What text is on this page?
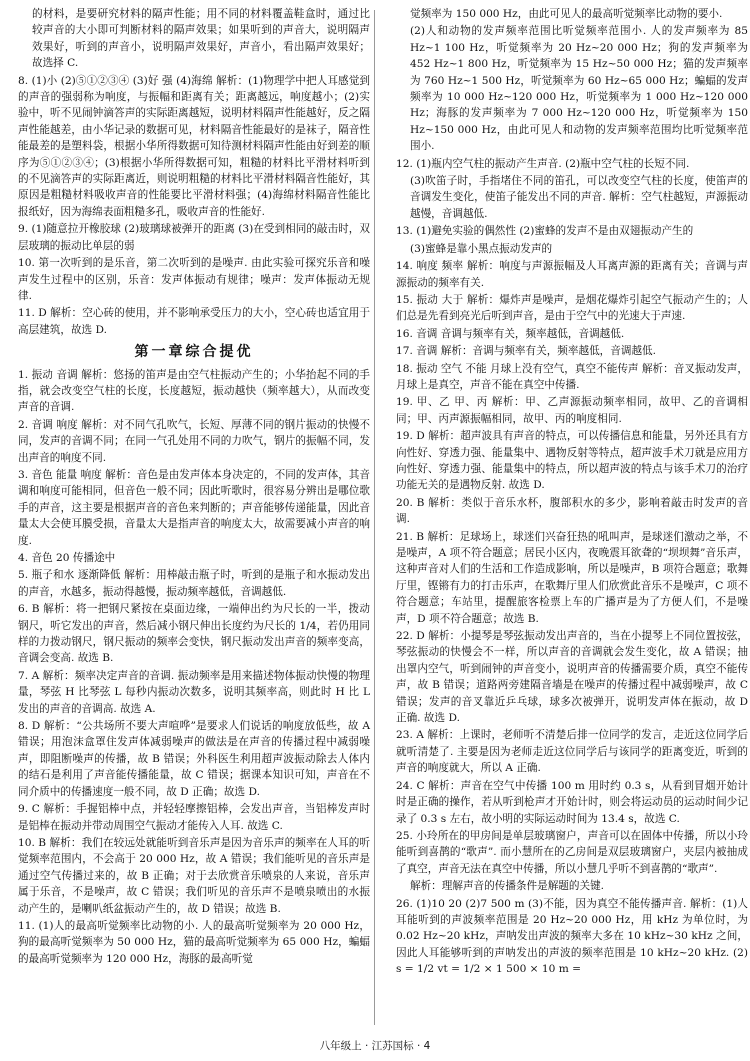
的材料，是要研究材料的隔声性能；用不同的材料覆盖鞋盒时，通过比较声音的大小即可判断材料的隔声效果；如果听到的声音大，说明隔声效果好，听到的声音小，说明隔声效果好，声音小，看出隔声效果好；故选择 C.

8. (1)小 (2)⑤①②③④ (3)好 强 (4)海绵 解析：(1)物理学中把人耳感觉到的声音的强弱称为响度，与振幅和距离有关；距离越远，响度越小；(2)实验中，听不见闹钟滴答声的实际距离越短，说明材料隔声性能越好，反之隔声性能越差，由小华记录的数据可见，材料隔音性能最好的是袜子，隔音性能最差的是塑料袋，根据小华所得数据可知待测材料隔声性能由好到差的顺序为⑤①②③④；(3)根据小华所得数据可知，粗糙的材料比平滑材料听到的不见滴答声的实际距离近，则说明粗糙的材料比平滑材料隔音性能好，其原因是粗糙材料吸收声音的性能要比平滑材料强；(4)海绵材料隔音性能比报纸好，因为海绵表面粗糙多孔，吸收声音的性能好.

9. (1)随意拉开橡胶球 (2)玻璃球被弹开的距离 (3)在受到相同的敲击时，双层玻璃的振动比单层的弱

10. 第一次听到的是乐音，第二次听到的是噪声. 由此实验可探究乐音和噪声发生过程中的区别，乐音：发声体振动有规律；噪声：发声体振动无规律.

11. D 解析：空心砖的使用，并不影响承受压力的大小，空心砖也适宜用于高层建筑，故选 D.

第一章综合提优

1. 振动 音调 解析：悠扬的笛声是由空气柱振动产生的；小华抬起不同的手指，就会改变空气柱的长度，长度越短，振动越快（频率越大），从而改变声音的音调.

2. 音调 响度 解析：对不同气孔吹气，长短、厚薄不同的钢片振动的快慢不同，发声的音调不同；在同一气孔处用不同的力吹气，钢片的振幅不同，发出声音的响度不同.

3. 音色 能量 响度 解析：音色是由发声体本身决定的，不同的发声体，其音调和响度可能相同，但音色一般不同；因此听歌时，很容易分辨出是哪位歌手的声音，这主要是根据声音的音色来判断的；声音能够传递能量，因此音量太大会使耳膜受损，音量太大是指声音的响度太大，故需要减小声音的响度.

4. 音色 20 传播途中

5. 瓶子和水 逐渐降低 解析：用棒敲击瓶子时，听到的是瓶子和水振动发出的声音，水越多，振动得越慢，振动频率越低，音调越低.

6. B 解析：将一把钢尺紧按在桌面边缘，一端伸出约为尺长的一半，拨动钢尺，听它发出的声音，然后减小钢尺伸出长度约为尺长的 1/4，若仍用同样的力拨动钢尺，钢尺振动的频率会变快，钢尺振动发出声音的频率变高，音调会变高. 故选 B.

7. A 解析：频率决定声音的音调. 振动频率是用来描述物体振动快慢的物理量，琴弦 H 比琴弦 L 每秒内振动次数多，说明其频率高，则此时 H 比 L 发出的声音的音调高. 故选 A.

8. D 解析：“公共场所不要大声喧哗”是要求人们说话的响度放低些，故 A 错误；用泡沫盒罩住发声体减弱噪声的做法是在声音的传播过程中减弱噪声，即阻断噪声的传播，故 B 错误；外科医生利用超声波振动除去人体内的结石是利用了声音能传播能量，故 C 错误；据课本知识可知，声音在不同介质中的传播速度一般不同，故 D 正确；故选 D.

9. C 解析：手握铝棒中点，并轻轻摩擦铝棒，会发出声音，当铝棒发声时是铝棒在振动并带动周围空气振动才能传入人耳. 故选 C.

10. B 解析：我们在较远处就能听到音乐声是因为音乐声的频率在人耳的听觉频率范围内，不会高于 20 000 Hz，故 A 错误；我们能听见的音乐声是通过空气传播过来的，故 B 正确；对于去欣赏音乐喷泉的人来说，音乐声属于乐音，不是噪声，故 C 错误；我们听见的音乐声不是喷泉喷出的水振动产生的，是喇叭纸盆振动产生的，故 D 错误；故选 B.

11. (1)人的最高听觉频率比动物的小. 人的最高听觉频率为 20 000 Hz，狗的最高听觉频率为 50 000 Hz，猫的最高听觉频率为 65 000 Hz，蝙蝠的最高听觉频率为 120 000 Hz，海豚的最高听觉

觉频率为 150 000 Hz，由此可见人的最高听觉频率比动物的要小.

(2)人和动物的发声频率范围比听觉频率范围小. 人的发声频率为 85 Hz~1 100 Hz，听觉频率为 20 Hz~20 000 Hz；狗的发声频率为 452 Hz~1 800 Hz，听觉频率为 15 Hz~50 000 Hz；猫的发声频率为 760 Hz~1 500 Hz，听觉频率为 60 Hz~65 000 Hz；蝙蝠的发声频率为 10 000 Hz~120 000 Hz，听觉频率为 1 000 Hz~120 000 Hz；海豚的发声频率为 7 000 Hz~120 000 Hz，听觉频率为 150 Hz~150 000 Hz，由此可见人和动物的发声频率范围均比听觉频率范围小.

12. (1)瓶内空气柱的振动产生声音. (2)瓶中空气柱的长短不同.

(3)吹笛子时，手指堵住不同的笛孔，可以改变空气柱的长度，使笛声的音调发生变化，使笛子能发出不同的声音. 解析：空气柱越短，声源振动越慢，音调越低.

13. (1)避免实验的偶然性 (2)蜜蜂的发声不是由双翅振动产生的

(3)蜜蜂是靠小黑点振动发声的

14. 响度 频率 解析：响度与声源振幅及人耳离声源的距离有关；音调与声源振动的频率有关.

15. 振动 大于 解析：爆炸声是噪声，是烟花爆炸引起空气振动产生的；人们总是先看到亮光后听到声音，是由于空气中的光速大于声速.

16. 音调 音调与频率有关，频率越低，音调越低.

17. 音调 解析：音调与频率有关，频率越低，音调越低.

18. 振动 空气 不能 月球上没有空气，真空不能传声 解析：音叉振动发声，月球上是真空，声音不能在真空中传播.

19. 甲、乙 甲、丙 解析：甲、乙声源振动频率相同，故甲、乙的音调相同；甲、丙声源振幅相同，故甲、丙的响度相同.

19. D 解析：超声波具有声音的特点，可以传播信息和能量，另外还具有方向性好、穿透力强、能量集中、遇物反射等特点，超声波手术刀就是应用方向性好、穿透力强、能量集中的特点，所以超声波的特点与该手术刀的治疗功能无关的是遇物反射. 故选 D.

20. B 解析：类似于音乐水杯，腹部积水的多少，影响着敲击时发声的音调.

21. B 解析：足球场上，球迷们兴奋狂热的吼叫声，是球迷们激动之举，不是噪声，A 项不符合题意；居民小区内，夜晚震耳欲聋的“坝坝舞”音乐声，这种声音对人们的生活和工作造成影响，所以是噪声，B 项符合题意；歌舞厅里，铿锵有力的打击乐声，在歌舞厅里人们欣赏此音乐不是噪声，C 项不符合题意；车站里，提醒旅客检票上车的广播声是为了方便人们，不是噪声，D 项不符合题意；故选 B.

22. D 解析：小提琴是琴弦振动发出声音的，当在小提琴上不同位置按弦，琴弦振动的快慢会不一样，所以声音的音调就会发生变化，故 A 错误；抽出罩内空气，听到闹钟的声音变小，说明声音的传播需要介质，真空不能传声，故 B 错误；道路两旁建隔音墙是在噪声的传播过程中减弱噪声，故 C 错误；发声的音叉靠近乒乓球，球多次被弹开，说明发声体在振动，故 D 正确. 故选 D.

23. A 解析：上课时，老师听不清楚后排一位同学的发言，走近这位同学后就听清楚了. 主要是因为老师走近这位同学后与该同学的距离变近，听到的声音的响度就大，所以 A 正确.

24. C 解析：声音在空气中传播 100 m 用时约 0.3 s，从看到冒烟开始计时是正确的操作，若从听到枪声才开始计时，则会将运动员的运动时间少记录了 0.3 s 左右，故小明的实际运动时间为 13.4 s，故选 C.

25. 小玲所在的甲房间是单层玻璃窗户，声音可以在固体中传播，所以小玲能听到喜鹊的“歌声”. 而小慧所在的乙房间是双层玻璃窗户，夹层内被抽成了真空，声音无法在真空中传播，所以小慧几乎听不到喜鹊的“歌声”.

解析：理解声音的传播条件是解题的关键.

26. (1)10 20 (2)7 500 m (3)不能，因为真空不能传播声音. 解析：(1)人耳能听到的声波频率范围是 20 Hz~20 000 Hz，用 kHz 为单位时，为 0.02 Hz~20 kHz，声呐发出声波的频率大多在 10 kHz~30 kHz 之间，因此人耳能够听到的声呐发出的声波的频率范围是 10 kHz~20 kHz. (2) s = 1/2 vt = 1/2 × 1 500 × 10 m =

八年级上 · 江苏国标 · 4
